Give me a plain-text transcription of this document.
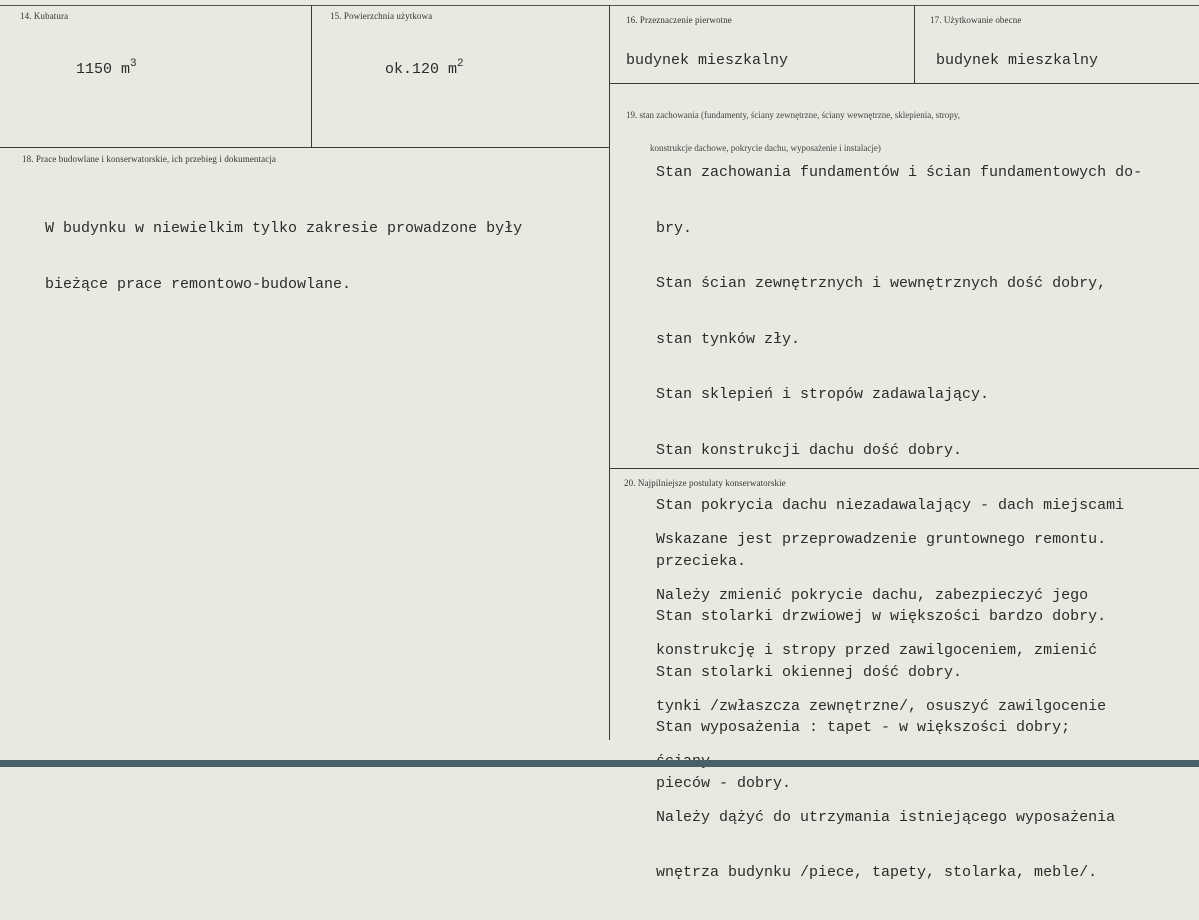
14. Kubatura
1150 $m^3$
15. Powierzchnia użytkowa
ok.120 $m^2$
16. Przeznaczenie pierwotne
budynek mieszkalny
17. Użytkowanie obecne
budynek mieszkalny
18. Prace budowlane i konserwatorskie, ich przebieg i dokumentacja

W budynku w niewielkim tylko zakresie prowadzone były

bieżące prace remontowo-budowlane.

19. stan zachowania (fundamenty, ściany zewnętrzne, ściany wewnętrzne, sklepienia, stropy,

konstrukcje dachowe, pokrycie dachu, wyposażenie i instalacje)

Stan zachowania fundamentów i ścian fundamentowych do-

bry.

Stan ścian zewnętrznych i wewnętrznych dość dobry,

stan tynków zły.

Stan sklepień i stropów zadawalający.

Stan konstrukcji dachu dość dobry.

Stan pokrycia dachu niezadawalający - dach miejscami

przecieka.

Stan stolarki drzwiowej w większości bardzo dobry.

Stan stolarki okiennej dość dobry.

Stan wyposażenia : tapet - w większości dobry;

pieców - dobry.

20. Najpilniejsze postulaty konserwatorskie

Wskazane jest przeprowadzenie gruntownego remontu.

Należy zmienić pokrycie dachu, zabezpieczyć jego

konstrukcję i stropy przed zawilgoceniem, zmienić

tynki /zwłaszcza zewnętrzne/, osuszyć zawilgocenie

Należy dążyć do utrzymania istniejącego wyposażenia

wnętrza budynku /piece, tapety, stolarka, meble/.
